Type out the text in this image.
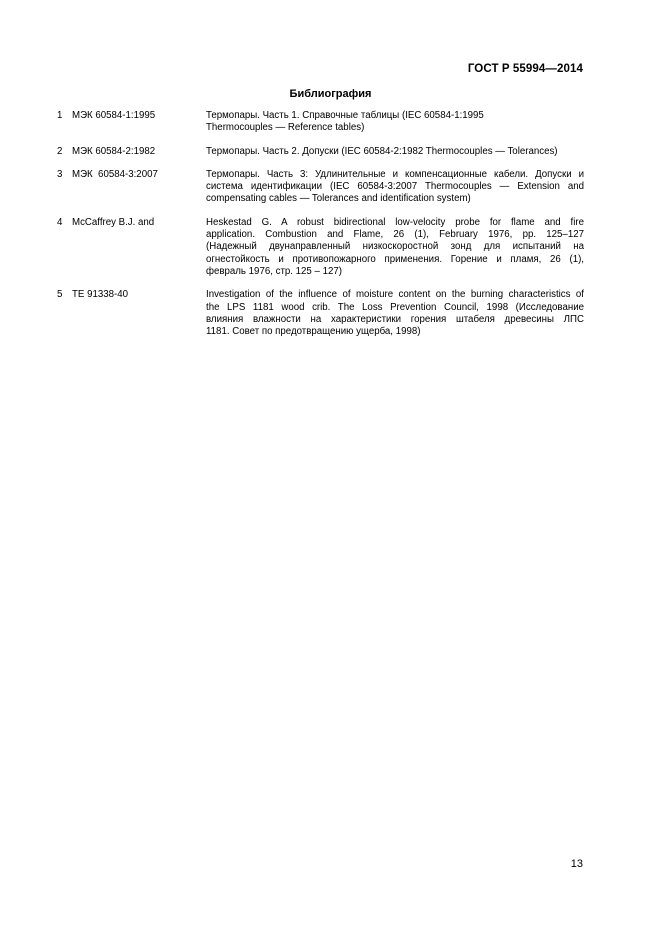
ГОСТ Р 55994—2014
Библиография
1 МЭК 60584-1:1995	Термопары. Часть 1. Справочные таблицы (IEC 60584-1:1995
Thermocouples — Reference tables)
2 МЭК 60584-2:1982	Термопары. Часть 2. Допуски (IEC 60584-2:1982 Thermocouples — Tolerances)
3 МЭК  60584-3:2007	Термопары. Часть 3: Удлинительные и компенсационные кабели. Допуски и
система идентификации (IEC 60584-3:2007 Thermocouples — Extension and
compensating cables — Tolerances and identification system)
4 McCaffrey B.J. and	Heskestad G. A robust bidirectional low-velocity probe for flame and fire
application. Combustion and Flame, 26 (1), February 1976, pp. 125–127
(Надежный двунаправленный низкоскоростной зонд для испытаний на
огнестойкость и противопожарного применения. Горение и пламя, 26 (1),
февраль 1976, стр. 125 – 127)
5 TE 91338-40	Investigation of the influence of moisture content on the burning characteristics of
the LPS 1181 wood crib. The Loss Prevention Council, 1998 (Исследование
влияния влажности на характеристики горения штабеля древесины ЛПС
1181. Совет по предотвращению ущерба, 1998)
13
